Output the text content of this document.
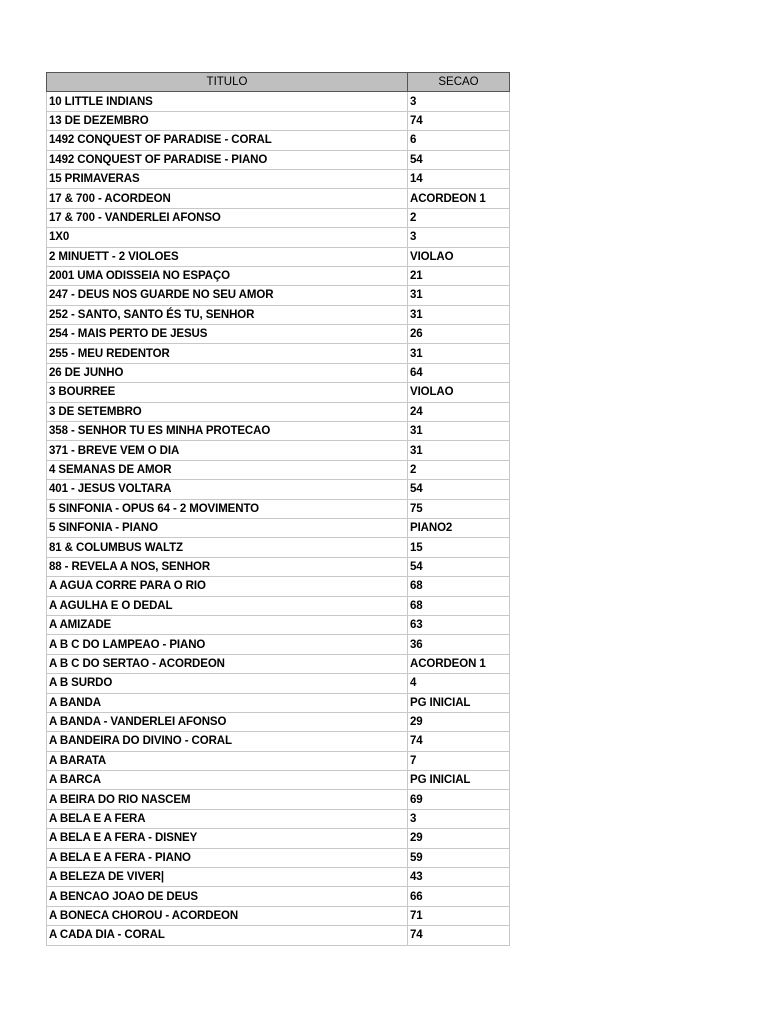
TITULO	SECAO
10 LITTLE INDIANS	3
13 DE DEZEMBRO	74
1492 CONQUEST OF PARADISE - CORAL	6
1492 CONQUEST OF PARADISE - PIANO	54
15 PRIMAVERAS	14
17 & 700 - ACORDEON	ACORDEON 1
17 & 700 - VANDERLEI AFONSO	2
1X0	3
2 MINUETT - 2 VIOLOES	VIOLAO
2001 UMA ODISSEIA NO ESPAÇO	21
247 - DEUS NOS GUARDE NO SEU AMOR	31
252 - SANTO, SANTO ÉS TU, SENHOR	31
254 - MAIS PERTO DE JESUS	26
255 - MEU REDENTOR	31
26 DE JUNHO	64
3 BOURREE	VIOLAO
3 DE SETEMBRO	24
358 - SENHOR TU ES MINHA PROTECAO	31
371 - BREVE VEM O DIA	31
4 SEMANAS DE AMOR	2
401 - JESUS VOLTARA	54
5 SINFONIA - OPUS 64 - 2 MOVIMENTO	75
5 SINFONIA - PIANO	PIANO2
81 & COLUMBUS WALTZ	15
88 - REVELA A NOS, SENHOR	54
A AGUA CORRE PARA O RIO	68
A AGULHA E O DEDAL	68
A AMIZADE	63
A B C DO LAMPEAO - PIANO	36
A B C DO SERTAO - ACORDEON	ACORDEON 1
A B SURDO	4
A BANDA	PG INICIAL
A BANDA - VANDERLEI AFONSO	29
A BANDEIRA DO DIVINO - CORAL	74
A BARATA	7
A BARCA	PG INICIAL
A BEIRA DO RIO NASCEM	69
A BELA E A FERA	3
A BELA E A FERA - DISNEY	29
A BELA E A FERA - PIANO	59
A BELEZA DE VIVER|	43
A BENCAO JOAO DE DEUS	66
A BONECA CHOROU - ACORDEON	71
A CADA DIA - CORAL	74
